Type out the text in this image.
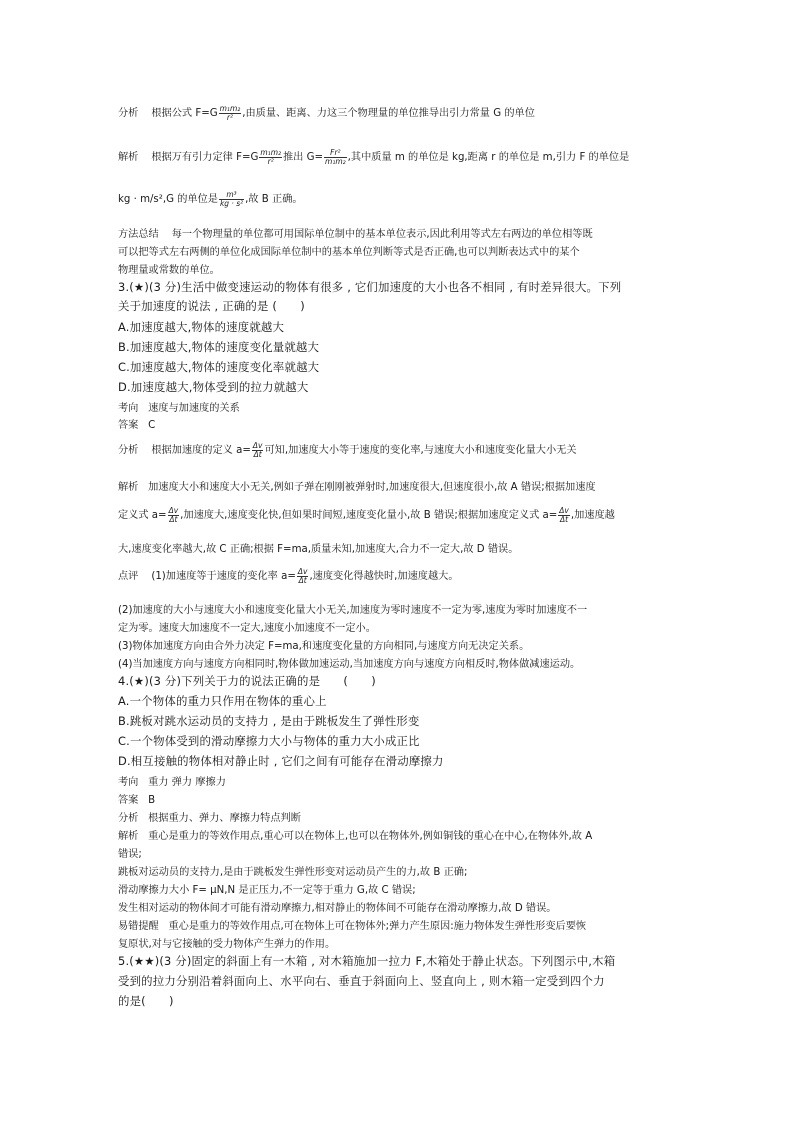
分析 根据公式 $F=G \frac{\text{m₁m₂}}{\text{r²}}$ ,由质量、距离、力这三个物理量的单位推导出引力常量 G 的单位
解析 根据万有引力定律 $F=G \frac{\text{m₁m₂}}{\text{r²}}$ 推出 $G= \frac{\text{Fr²}}{\text{m₁m₂}}$ ,其中质量 m 的单位是 kg,距离 r 的单位是 m,引力 F 的单位是
kg · m/s²,G 的单位是 $\frac{\text{m³}}{\text{kg · s²}}$ ,故 B 正确。
方法总结 每一个物理量的单位都可用国际单位制中的基本单位表示,因此利用等式左右两边的单位相等既
可以把等式左右两侧的单位化成国际单位制中的基本单位判断等式是否正确,也可以判断表达式中的某个
物理量或常数的单位。
3.(★)(3 分)生活中做变速运动的物体有很多 , 它们加速度的大小也各不相同 , 有时差异很大。下列
关于加速度的说法 , 正确的是 (　　)
A.加速度越大,物体的速度就越大
B.加速度越大,物体的速度变化量就越大
C.加速度越大,物体的速度变化率就越大
D.加速度越大,物体受到的拉力就越大
考向 速度与加速度的关系
答案 C
分析 根据加速度的定义 $a= \frac{\Delta v}{\Delta t}$ 可知,加速度大小等于速度的变化率,与速度大小和速度变化量大小无关
解析 加速度大小和速度大小无关,例如子弹在刚刚被弹射时,加速度很大,但速度很小,故 A 错误;根据加速度
定义式 $a= \frac{\Delta v}{\Delta t}$ ,加速度大,速度变化快,但如果时间短,速度变化量小,故 B 错误;根据加速度定义式 $a= \frac{\Delta v}{\Delta t}$ ,加速度越
大,速度变化率越大,故 C 正确;根据 F=ma,质量未知,加速度大,合力不一定大,故 D 错误。
点评 (1)加速度等于速度的变化率 $a= \frac{\Delta v}{\Delta t}$ ,速度变化得越快时,加速度越大。
(2)加速度的大小与速度大小和速度变化量大小无关,加速度为零时速度不一定为零,速度为零时加速度不一
定为零。速度大加速度不一定大,速度小加速度不一定小。
(3)物体加速度方向由合外力决定 F=ma,和速度变化量的方向相同,与速度方向无决定关系。
(4)当加速度方向与速度方向相同时,物体做加速运动,当加速度方向与速度方向相反时,物体做减速运动。
4.(★)(3 分)下列关于力的说法正确的是　　(　　)
A.一个物体的重力只作用在物体的重心上
B.跳板对跳水运动员的支持力 , 是由于跳板发生了弹性形变
C.一个物体受到的滑动摩擦力大小与物体的重力大小成正比
D.相互接触的物体相对静止时 , 它们之间有可能存在滑动摩擦力
考向 重力 弹力 摩擦力
答案 B
分析 根据重力、弹力、摩擦力特点判断
解析 重心是重力的等效作用点,重心可以在物体上,也可以在物体外,例如铜钱的重心在中心,在物体外,故 A
错误;
跳板对运动员的支持力,是由于跳板发生弹性形变对运动员产生的力,故 B 正确;
滑动摩擦力大小 F= μN,N 是正压力,不一定等于重力 G,故 C 错误;
发生相对运动的物体间才可能有滑动摩擦力,相对静止的物体间不可能存在滑动摩擦力,故 D 错误。
易错提醒 重心是重力的等效作用点,可在物体上可在物体外;弹力产生原因:施力物体发生弹性形变后要恢
复原状,对与它接触的受力物体产生弹力的作用。
5.(★★)(3 分)固定的斜面上有一木箱 , 对木箱施加一拉力 F,木箱处于静止状态。下列图示中,木箱
受到的拉力分别沿着斜面向上、水平向右、垂直于斜面向上、竖直向上 , 则木箱一定受到四个力
的是(　　)
